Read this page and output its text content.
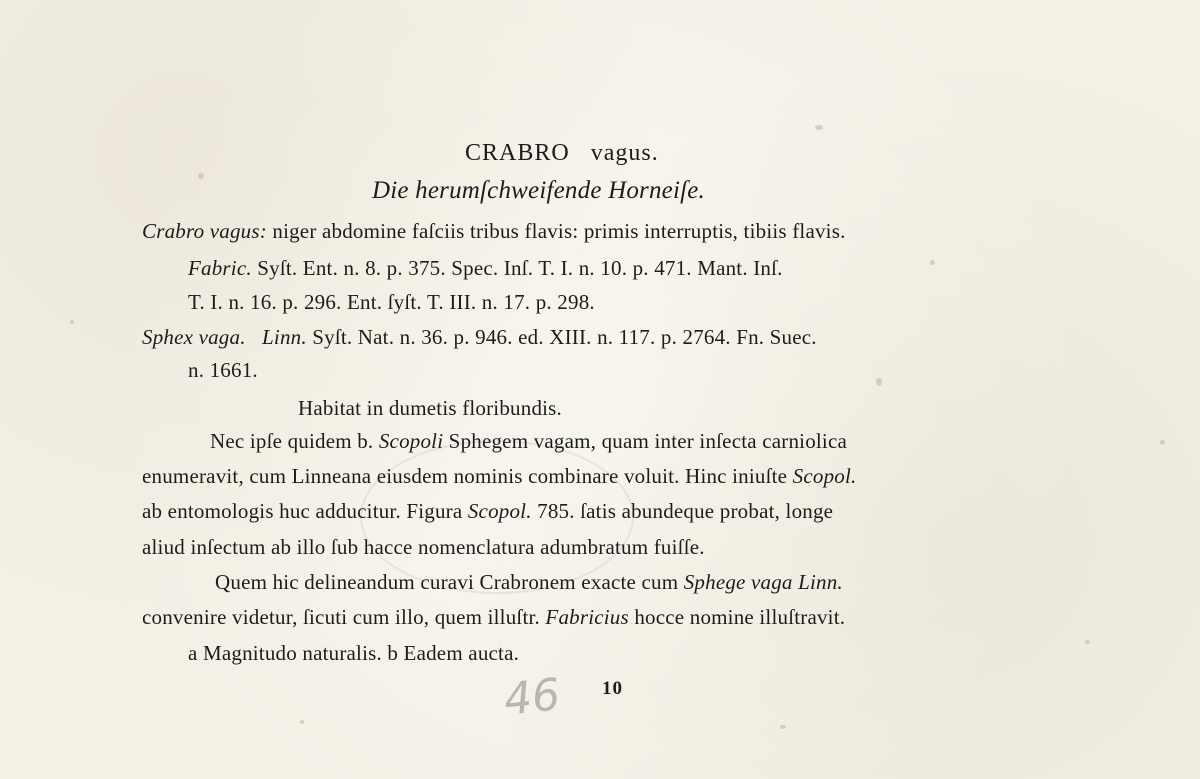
CRABRO vagus.
Die herumſchweifende Horneiſe.
Crabro vagus: niger abdomine faſciis tribus flavis: primis interruptis, tibiis flavis.
Fabric. Syſt. Ent. n. 8. p. 375. Spec. Inſ. T. I. n. 10. p. 471. Mant. Inſ.
T. I. n. 16. p. 296. Ent. ſyſt. T. III. n. 17. p. 298.
Sphex vaga. Linn. Syſt. Nat. n. 36. p. 946. ed. XIII. n. 117. p. 2764. Fn. Suec.
n. 1661.
Habitat in dumetis floribundis.
Nec ipſe quidem b. Scopoli Sphegem vagam, quam inter inſecta carniolica
enumeravit, cum Linneana eiusdem nominis combinare voluit. Hinc iniuſte Scopol.
ab entomologis huc adducitur. Figura Scopol. 785. ſatis abundeque probat, longe
aliud inſectum ab illo ſub hacce nomenclatura adumbratum fuiſſe.
Quem hic delineandum curavi Crabronem exacte cum Sphege vaga Linn.
convenire videtur, ſicuti cum illo, quem illuſtr. Fabricius hocce nomine illuſtravit.
a Magnitudo naturalis. b Eadem aucta.
10
46
